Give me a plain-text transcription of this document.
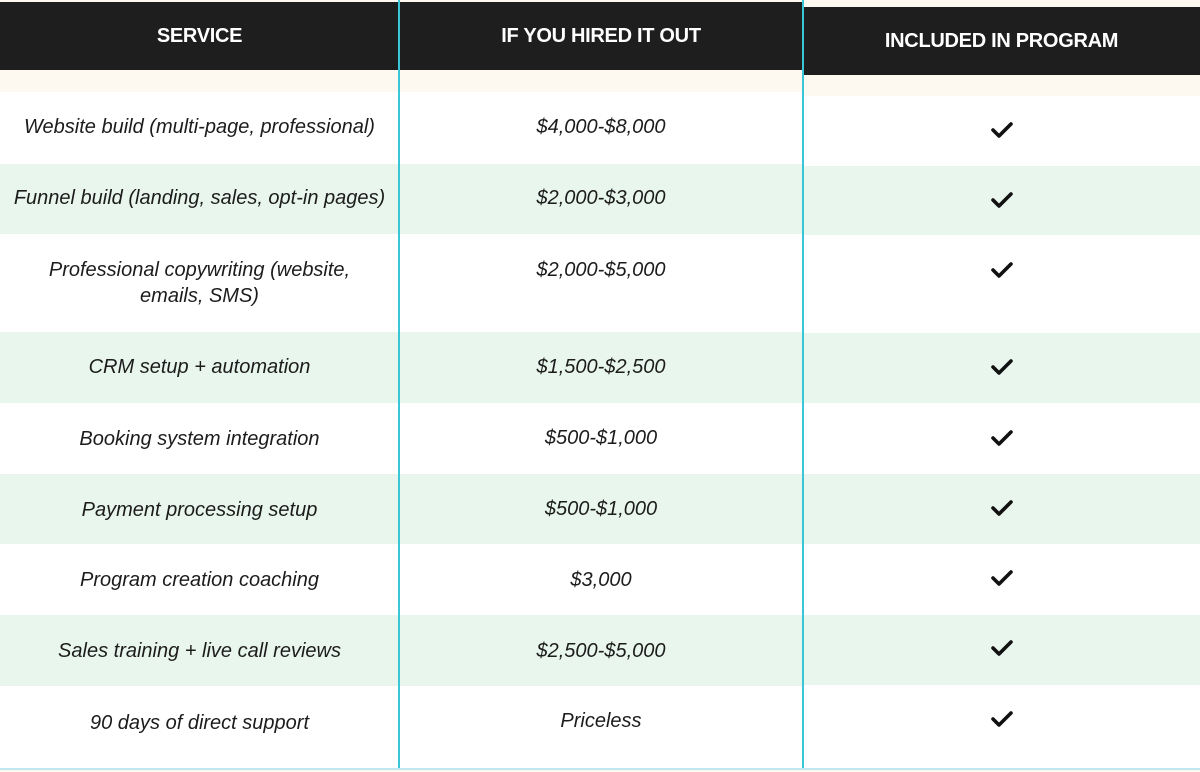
SERVICE
Website build (multi-page, professional)
Funnel build (landing, sales, opt-in pages)
Professional copywriting (website, emails, SMS)
CRM setup + automation
Booking system integration
Payment processing setup
Program creation coaching
Sales training + live call reviews
90 days of direct support
IF YOU HIRED IT OUT
$4,000-$8,000
$2,000-$3,000
$2,000-$5,000
$1,500-$2,500
$500-$1,000
$500-$1,000
$3,000
$2,500-$5,000
Priceless
INCLUDED IN PROGRAM
